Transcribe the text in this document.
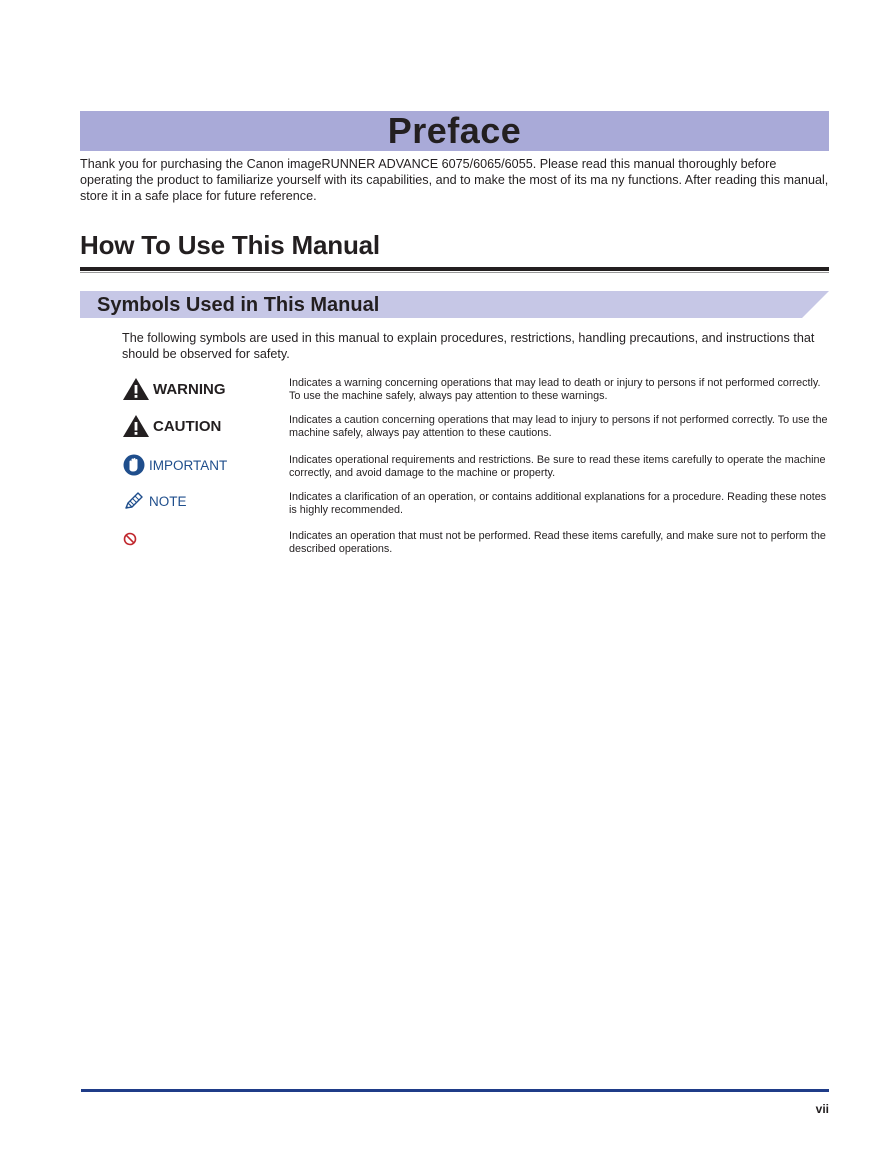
Preface

Thank you for purchasing the Canon imageRUNNER ADVANCE 6075/6065/6055. Please read this manual thoroughly before operating the product to familiarize yourself with its capabilities, and to make the most of its ma ny functions. After reading this manual, store it in a safe place for future reference.

How To Use This Manual
Symbols Used in This Manual

The following symbols are used in this manual to explain procedures, restrictions, handling precautions, and instructions that should be observed for safety.

WARNING	Indicates a warning concerning operations that may lead to death or injury to persons if not performed correctly. To use the machine safely, always pay attention to these warnings.
CAUTION	Indicates a caution concerning operations that may lead to injury to persons if not performed correctly. To use the machine safely, always pay attention to these cautions.
IMPORTANT	Indicates operational requirements and restrictions. Be sure to read these items carefully to operate the machine correctly, and avoid damage to the machine or property.
NOTE	Indicates a clarification of an operation, or contains additional explanations for a procedure. Reading these notes is highly recommended.
Indicates an operation that must not be performed. Read these items carefully, and make sure not to perform the described operations.
vii
